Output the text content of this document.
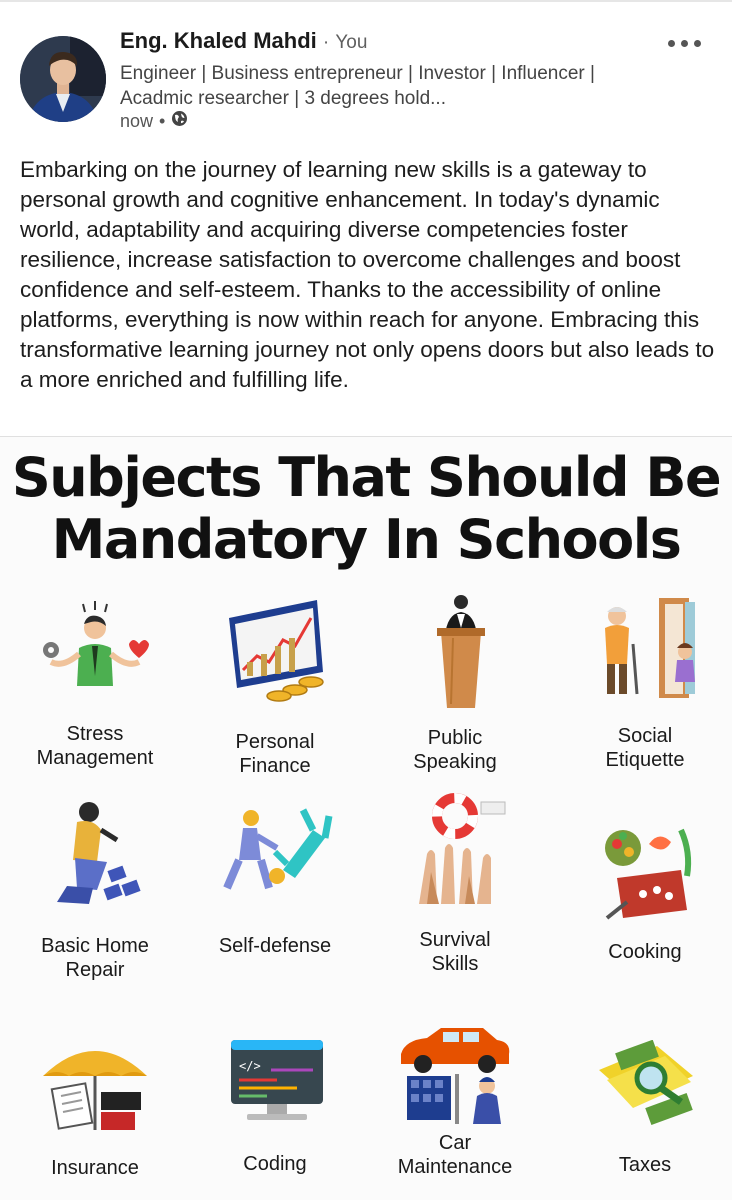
Eng. Khaled Mahdi · You
Engineer | Business entrepreneur | Investor | Influencer | Acadmic researcher | 3 degrees hold...
now •
Embarking on the journey of learning new skills is a gateway to personal growth and cognitive enhancement. In today's dynamic world, adaptability and acquiring diverse competencies foster resilience, increase satisfaction to overcome challenges and boost confidence and self-esteem. Thanks to the accessibility of online platforms, everything is now within reach for anyone. Embracing this transformative learning journey not only opens doors but also leads to a more enriched and fulfilling life.
Subjects That Should Be
Mandatory In Schools
Stress
Management
Personal
Finance
Public
Speaking
Social
Etiquette
Basic Home
Repair
Self-defense	Survival
Skills
Cooking
Insurance
</>
Coding
Car
Maintenance	Taxes
